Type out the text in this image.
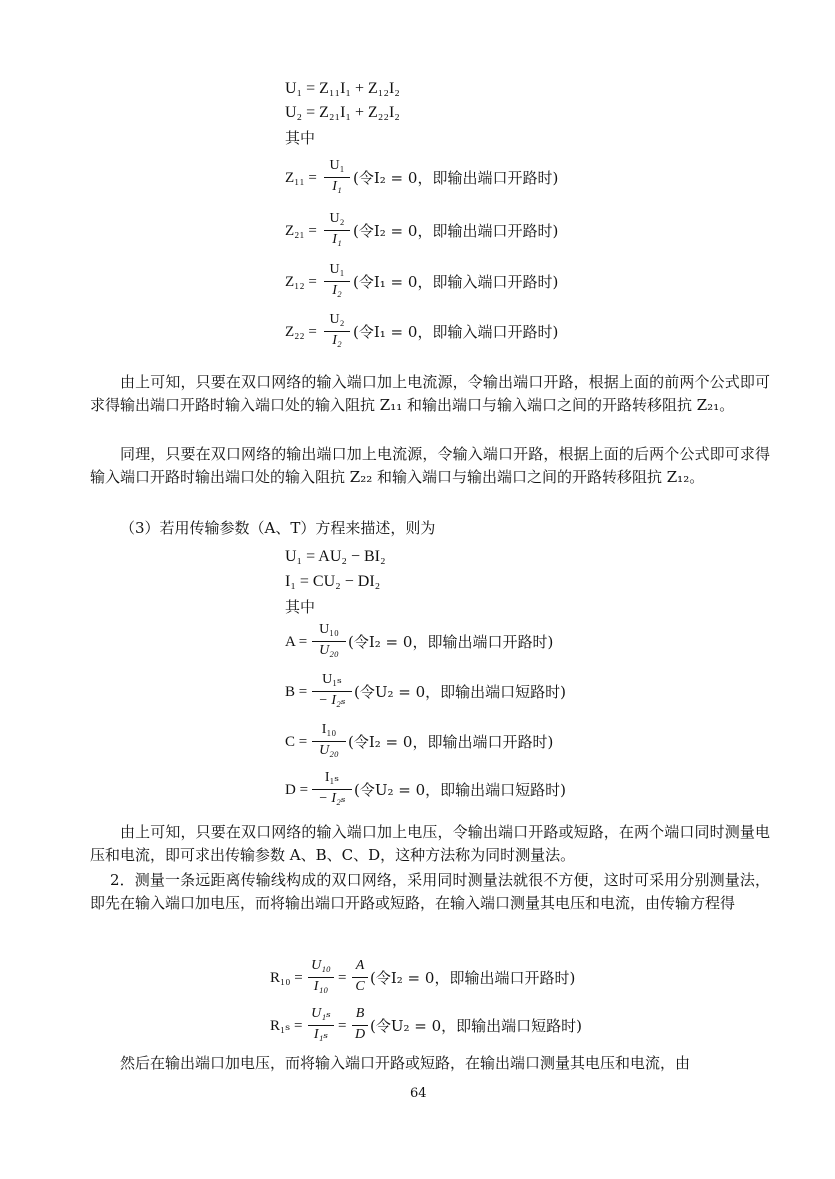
U₁ = Z₁₁I₁ + Z₁₂I₂
U₂ = Z₂₁I₁ + Z₂₂I₂
其中
Z₁₁ =
U₁
I₁ (令I₂ = 0，即输出端口开路时)
Z₂₁ =
U₂
I₁ (令I₂ = 0，即输出端口开路时)
Z₁₂ =
U₁
I₂ (令I₁ = 0，即输入端口开路时)
Z₂₂ =
U₂
I₂ (令I₁ = 0，即输入端口开路时)
由上可知，只要在双口网络的输入端口加上电流源，令输出端口开路，根据上面的前两个公式即可求得输出端口开路时输入端口处的输入阻抗 Z₁₁ 和输出端口与输入端口之间的开路转移阻抗 Z₂₁。
同理，只要在双口网络的输出端口加上电流源，令输入端口开路，根据上面的后两个公式即可求得输入端口开路时输出端口处的输入阻抗 Z₂₂ 和输入端口与输出端口之间的开路转移阻抗 Z₁₂。
（3）若用传输参数（A、T）方程来描述，则为
U₁ = AU₂ − BI₂
I₁ = CU₂ − DI₂
其中
A =
U₁₀
U₂₀ (令I₂ = 0，即输出端口开路时)
B =
U₁ₛ
− I₂ₛ (令U₂ = 0，即输出端口短路时)
C =
I₁₀
U₂₀ (令I₂ = 0，即输出端口开路时)
D =
I₁ₛ
− I₂ₛ (令U₂ = 0，即输出端口短路时)
由上可知，只要在双口网络的输入端口加上电压，令输出端口开路或短路，在两个端口同时测量电压和电流，即可求出传输参数 A、B、C、D，这种方法称为同时测量法。
2．测量一条远距离传输线构成的双口网络，采用同时测量法就很不方便，这时可采用分别测量法，即先在输入端口加电压，而将输出端口开路或短路，在输入端口测量其电压和电流，由传输方程得
R₁₀ =
U₁₀
I₁₀
=
A
C (令I₂ = 0，即输出端口开路时)
R₁ₛ =
U₁ₛ
I₁ₛ
=
B
D (令U₂ = 0，即输出端口短路时)
然后在输出端口加电压，而将输入端口开路或短路，在输出端口测量其电压和电流，由
64
